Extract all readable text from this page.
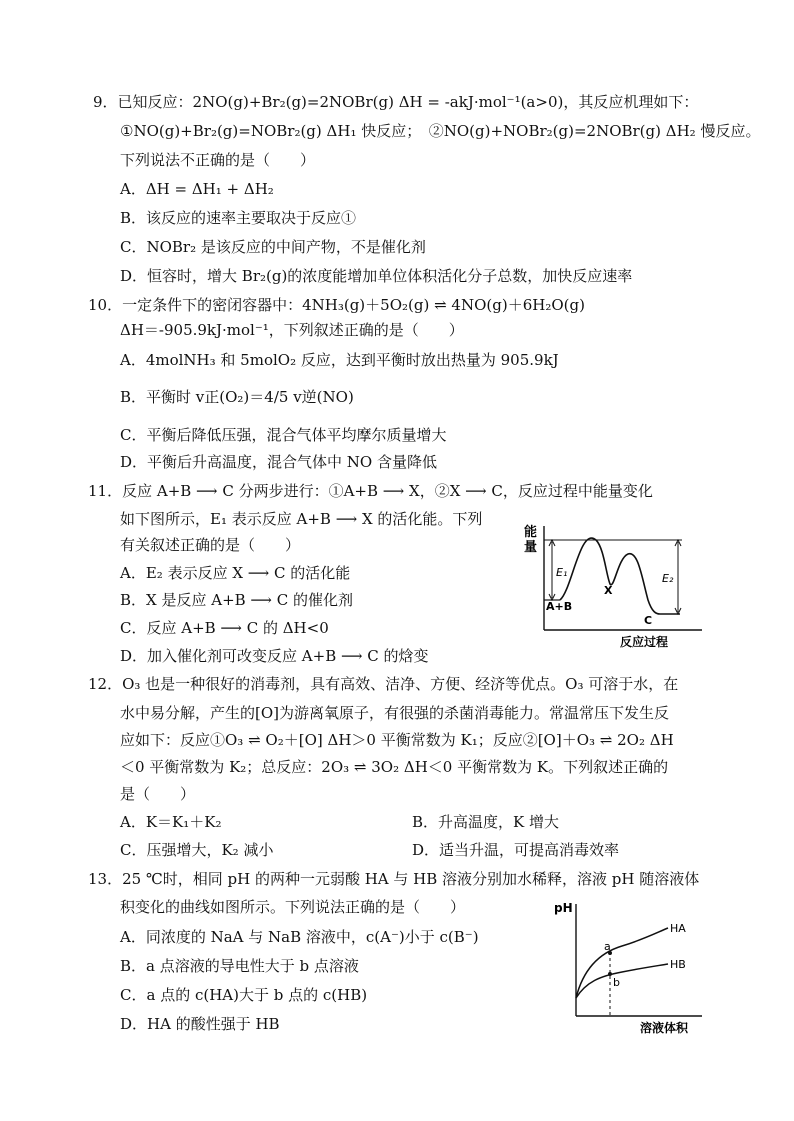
9．已知反应：2NO(g)+Br₂(g)=2NOBr(g) ΔH = -akJ·mol⁻¹(a>0)，其反应机理如下：
①NO(g)+Br₂(g)=NOBr₂(g) ΔH₁ 快反应；　②NO(g)+NOBr₂(g)=2NOBr(g) ΔH₂ 慢反应。
下列说法不正确的是（　　）
A．ΔH = ΔH₁ + ΔH₂
B．该反应的速率主要取决于反应①
C．NOBr₂ 是该反应的中间产物，不是催化剂
D．恒容时，增大 Br₂(g)的浓度能增加单位体积活化分子总数，加快反应速率
10．一定条件下的密闭容器中：4NH₃(g)＋5O₂(g) ⇌ 4NO(g)＋6H₂O(g)
ΔH＝-905.9kJ·mol⁻¹，下列叙述正确的是（　　）
A．4molNH₃ 和 5molO₂ 反应，达到平衡时放出热量为 905.9kJ
B．平衡时 v正(O₂)＝4/5 v逆(NO)
C．平衡后降低压强，混合气体平均摩尔质量增大
D．平衡后升高温度，混合气体中 NO 含量降低
11．反应 A+B ⟶ C 分两步进行：①A+B ⟶ X，②X ⟶ C，反应过程中能量变化
如下图所示，E₁ 表示反应 A+B ⟶ X 的活化能。下列
有关叙述正确的是（　　）
A．E₂ 表示反应 X ⟶ C 的活化能
B．X 是反应 A+B ⟶ C 的催化剂
C．反应 A+B ⟶ C 的 ΔH<0
D．加入催化剂可改变反应 A+B ⟶ C 的焓变
能
量
E₁	E₂
A+B
X
C
反应过程
12．O₃ 也是一种很好的消毒剂，具有高效、洁净、方便、经济等优点。O₃ 可溶于水，在
水中易分解，产生的[O]为游离氧原子，有很强的杀菌消毒能力。常温常压下发生反
应如下：反应①O₃ ⇌ O₂＋[O] ΔH＞0 平衡常数为 K₁；反应②[O]＋O₃ ⇌ 2O₂ ΔH
＜0 平衡常数为 K₂；总反应：2O₃ ⇌ 3O₂ ΔH＜0 平衡常数为 K。下列叙述正确的
是（　　）
A．K＝K₁＋K₂	B．升高温度，K 增大
C．压强增大，K₂ 减小	D．适当升温，可提高消毒效率
13．25 ℃时，相同 pH 的两种一元弱酸 HA 与 HB 溶液分别加水稀释，溶液 pH 随溶液体
积变化的曲线如图所示。下列说法正确的是（　　）
A．同浓度的 NaA 与 NaB 溶液中，c(A⁻)小于 c(B⁻)
B．a 点溶液的导电性大于 b 点溶液
C．a 点的 c(HA)大于 b 点的 c(HB)
D．HA 的酸性强于 HB
pH
a
b
HA
HB
溶液体积
